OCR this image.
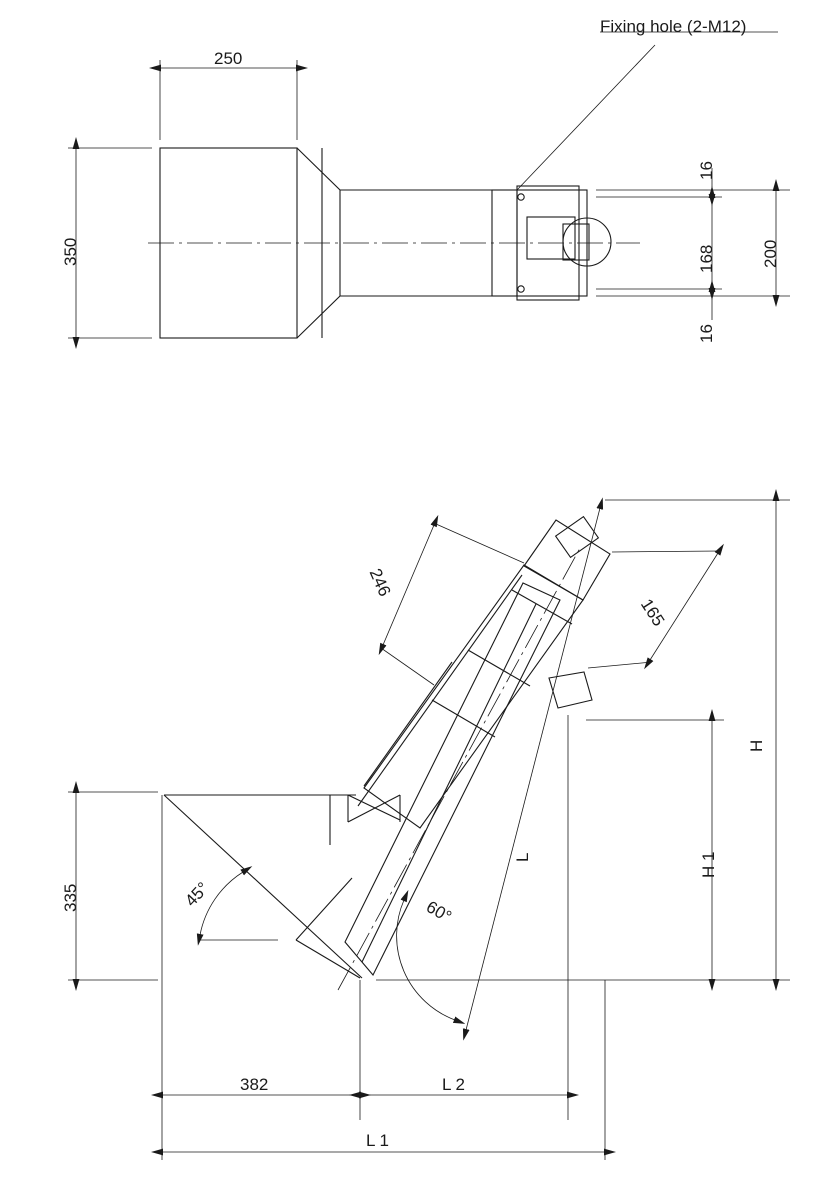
Fixing hole (2-M12)
250
350
16
168
16
200
246
165
H
H 1
L
335	45°
60°
382	L 2
L 1
